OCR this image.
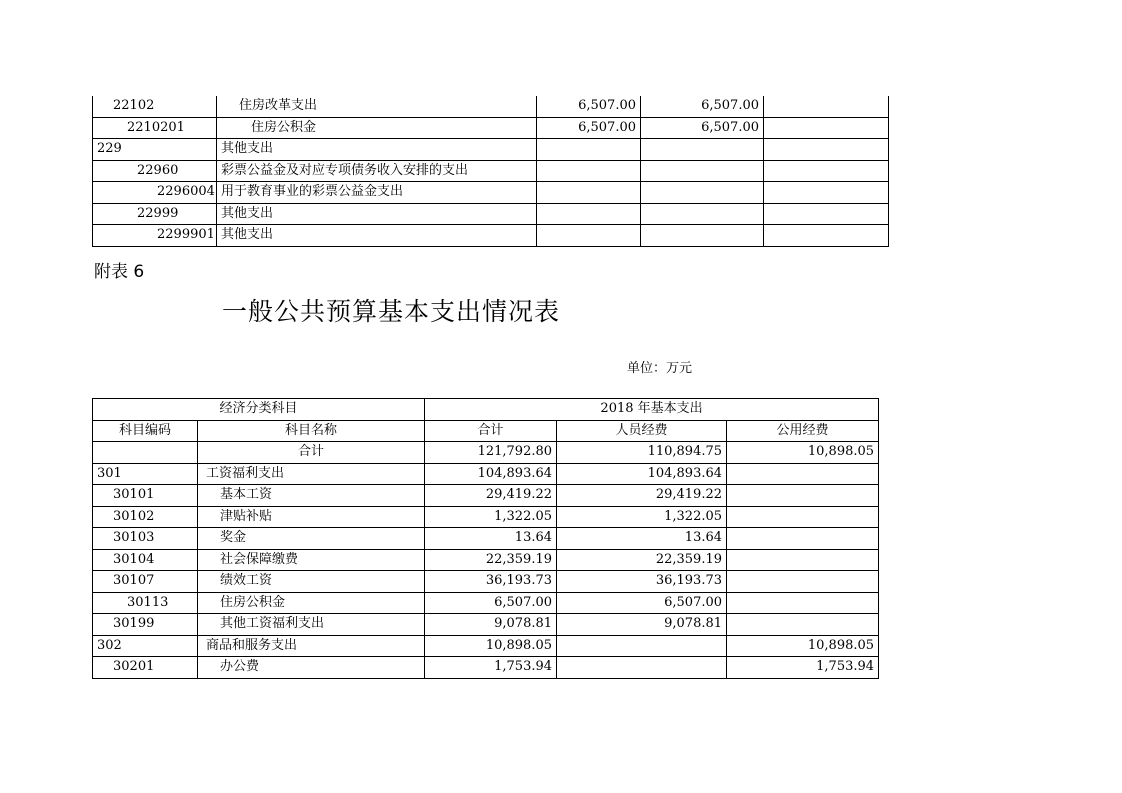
22102	住房改革支出	6,507.00	6,507.00	
2210201	住房公积金	6,507.00	6,507.00	
229	其他支出			
22960	彩票公益金及对应专项债务收入安排的支出			
2296004	用于教育事业的彩票公益金支出			
22999	其他支出			
2299901	其他支出			
附表 6
一般公共预算基本支出情况表
单位：万元
经济分类科目		2018 年基本支出		
科目编码	科目名称	合计	人员经费	公用经费
	合计	121,792.80	110,894.75	10,898.05
301	工资福利支出	104,893.64	104,893.64	
30101	基本工资	29,419.22	29,419.22	
30102	津贴补贴	1,322.05	1,322.05	
30103	奖金	13.64	13.64	
30104	社会保障缴费	22,359.19	22,359.19	
30107	绩效工资	36,193.73	36,193.73	
30113	住房公积金	6,507.00	6,507.00	
30199	其他工资福利支出	9,078.81	9,078.81	
302	商品和服务支出	10,898.05		10,898.05
30201	办公费	1,753.94		1,753.94
